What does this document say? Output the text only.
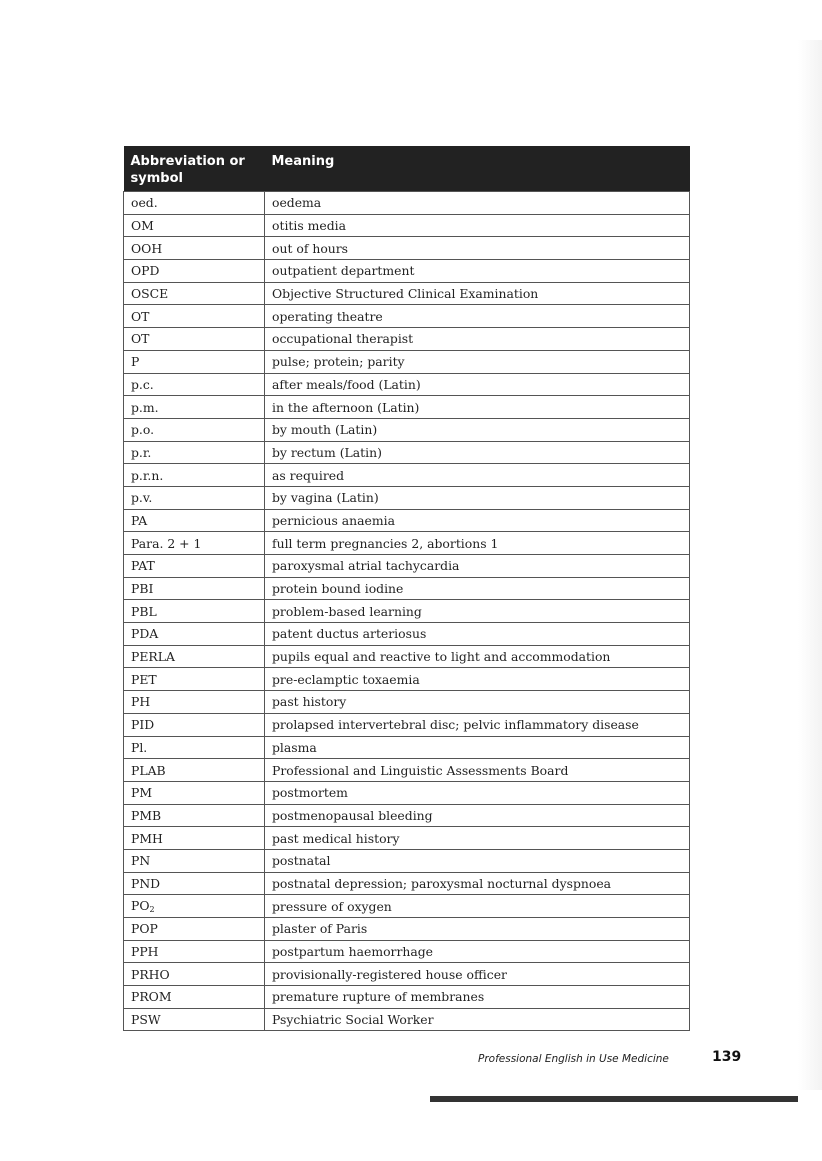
Abbreviation or symbol	Meaning
oed.	oedema
OM	otitis media
OOH	out of hours
OPD	outpatient department
OSCE	Objective Structured Clinical Examination
OT	operating theatre
OT	occupational therapist
P	pulse; protein; parity
p.c.	after meals/food (Latin)
p.m.	in the afternoon (Latin)
p.o.	by mouth (Latin)
p.r.	by rectum (Latin)
p.r.n.	as required
p.v.	by vagina (Latin)
PA	pernicious anaemia
Para. 2 + 1	full term pregnancies 2, abortions 1
PAT	paroxysmal atrial tachycardia
PBI	protein bound iodine
PBL	problem-based learning
PDA	patent ductus arteriosus
PERLA	pupils equal and reactive to light and accommodation
PET	pre-eclamptic toxaemia
PH	past history
PID	prolapsed intervertebral disc; pelvic inflammatory disease
Pl.	plasma
PLAB	Professional and Linguistic Assessments Board
PM	postmortem
PMB	postmenopausal bleeding
PMH	past medical history
PN	postnatal
PND	postnatal depression; paroxysmal nocturnal dyspnoea
$PO_2$	pressure of oxygen
POP	plaster of Paris
PPH	postpartum haemorrhage
PRHO	provisionally-registered house officer
PROM	premature rupture of membranes
PSW	Psychiatric Social Worker
Professional English in Use Medicine	139
